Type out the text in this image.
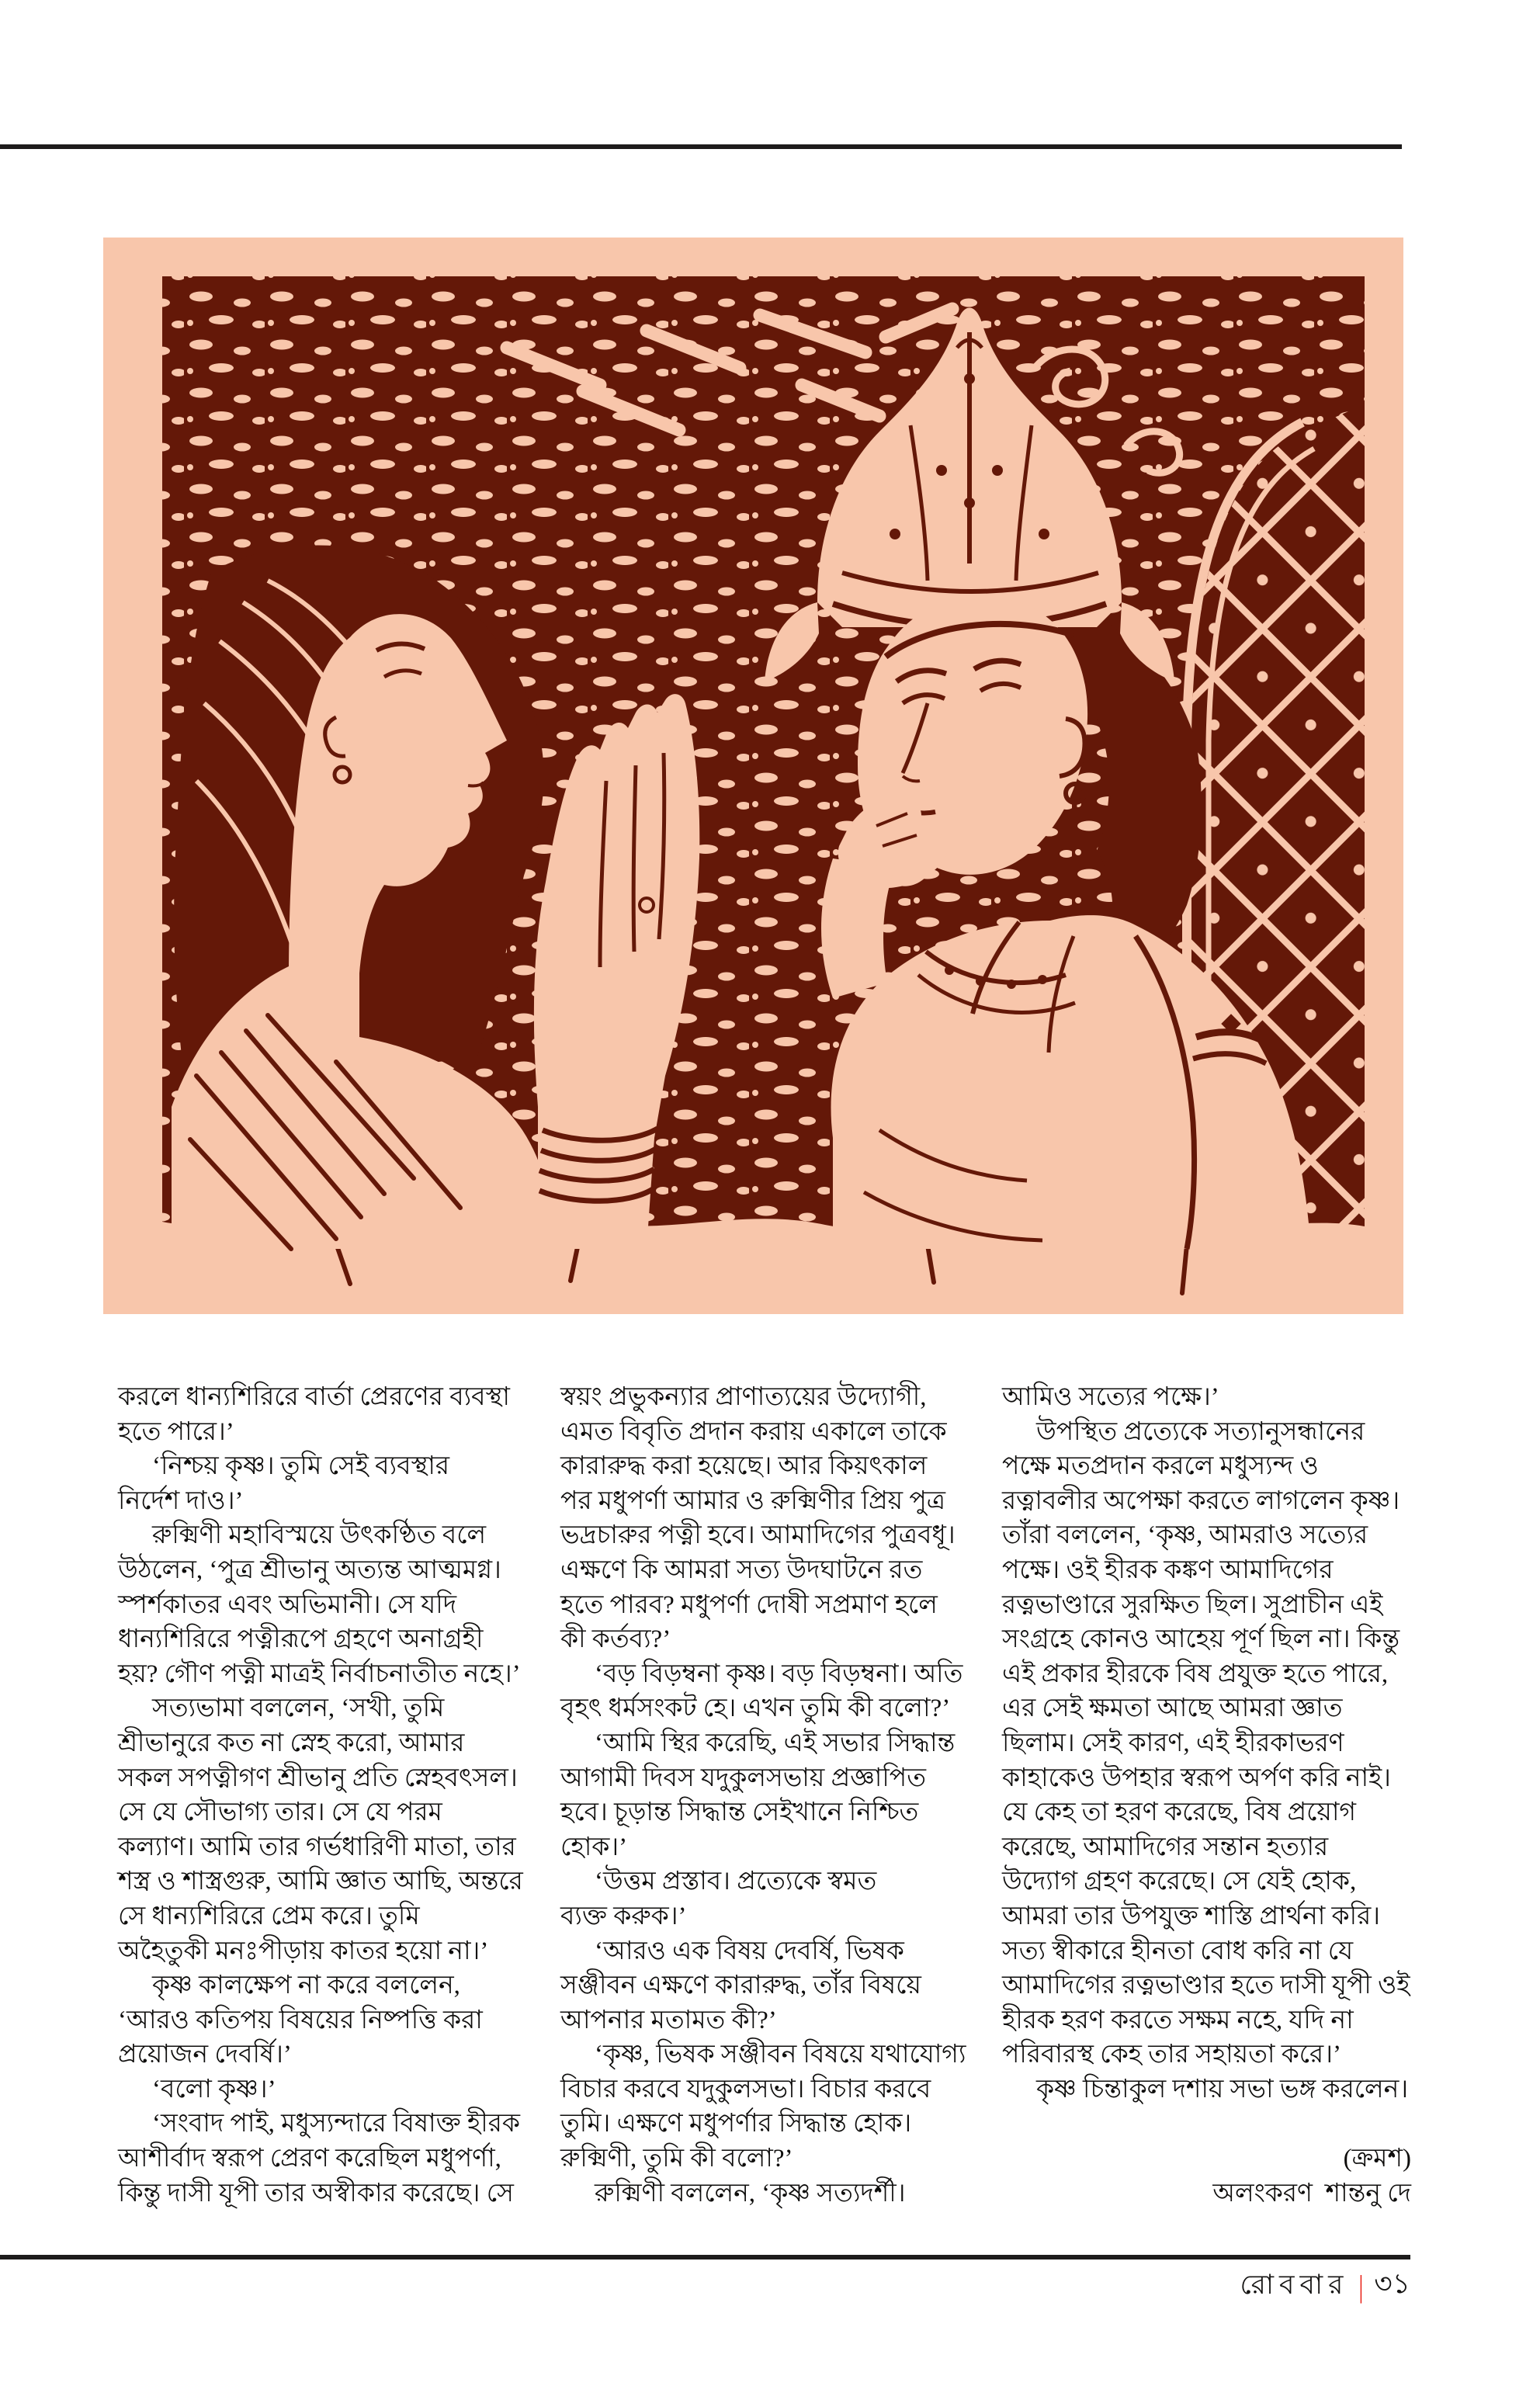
করলে ধান্যশিরিরে বার্তা প্রেরণের ব্যবস্থা
হতে পারে।’
‘নিশ্চয় কৃষ্ণ। তুমি সেই ব্যবস্থার
নির্দেশ দাও।’
রুক্মিণী মহাবিস্ময়ে উৎকণ্ঠিত বলে
উঠলেন, ‘পুত্র শ্রীভানু অত্যন্ত আত্মমগ্ন।
স্পর্শকাতর এবং অভিমানী। সে যদি
ধান্যশিরিরে পত্নীরূপে গ্রহণে অনাগ্রহী
হয়? গৌণ পত্নী মাত্রই নির্বাচনাতীত নহে।’
সত্যভামা বললেন, ‘সখী, তুমি
শ্রীভানুরে কত না স্নেহ করো, আমার
সকল সপত্নীগণ শ্রীভানু প্রতি স্নেহবৎসল।
সে যে সৌভাগ্য তার। সে যে পরম
কল্যাণ। আমি তার গর্ভধারিণী মাতা, তার
শস্ত্র ও শাস্ত্রগুরু, আমি জ্ঞাত আছি, অন্তরে
সে ধান্যশিরিরে প্রেম করে। তুমি
অহৈতুকী মনঃপীড়ায় কাতর হয়ো না।’
কৃষ্ণ কালক্ষেপ না করে বললেন,
‘আরও কতিপয় বিষয়ের নিষ্পত্তি করা
প্রয়োজন দেবর্ষি।’
‘বলো কৃষ্ণ।’
‘সংবাদ পাই, মধুস্যন্দারে বিষাক্ত হীরক
আশীর্বাদ স্বরূপ প্রেরণ করেছিল মধুপর্ণা,
কিন্তু দাসী যূপী তার অস্বীকার করেছে। সে
স্বয়ং প্রভুকন্যার প্রাণাত্যয়ের উদ্যোগী,
এমত বিবৃতি প্রদান করায় একালে তাকে
কারারুদ্ধ করা হয়েছে। আর কিয়ৎকাল
পর মধুপর্ণা আমার ও রুক্মিণীর প্রিয় পুত্র
ভদ্রচারুর পত্নী হবে। আমাদিগের পুত্রবধূ।
এক্ষণে কি আমরা সত্য উদঘাটনে রত
হতে পারব? মধুপর্ণা দোষী সপ্রমাণ হলে
কী কর্তব্য?’
‘বড় বিড়ম্বনা কৃষ্ণ। বড় বিড়ম্বনা। অতি
বৃহৎ ধর্মসংকট হে। এখন তুমি কী বলো?’
‘আমি স্থির করেছি, এই সভার সিদ্ধান্ত
আগামী দিবস যদুকুলসভায় প্রজ্ঞাপিত
হবে। চূড়ান্ত সিদ্ধান্ত সেইখানে নিশ্চিত
হোক।’
‘উত্তম প্রস্তাব। প্রত্যেকে স্বমত
ব্যক্ত করুক।’
‘আরও এক বিষয় দেবর্ষি, ভিষক
সঞ্জীবন এক্ষণে কারারুদ্ধ, তাঁর বিষয়ে
আপনার মতামত কী?’
‘কৃষ্ণ, ভিষক সঞ্জীবন বিষয়ে যথাযোগ্য
বিচার করবে যদুকুলসভা। বিচার করবে
তুমি। এক্ষণে মধুপর্ণার সিদ্ধান্ত হোক।
রুক্মিণী, তুমি কী বলো?’
রুক্মিণী বললেন, ‘কৃষ্ণ সত্যদর্শী।
আমিও সত্যের পক্ষে।’
উপস্থিত প্রত্যেকে সত্যানুসন্ধানের
পক্ষে মতপ্রদান করলে মধুস্যন্দ ও
রত্নাবলীর অপেক্ষা করতে লাগলেন কৃষ্ণ।
তাঁরা বললেন, ‘কৃষ্ণ, আমরাও সত্যের
পক্ষে। ওই হীরক কঙ্কণ আমাদিগের
রত্নভাণ্ডারে সুরক্ষিত ছিল। সুপ্রাচীন এই
সংগ্রহে কোনও আহেয় পূর্ণ ছিল না। কিন্তু
এই প্রকার হীরকে বিষ প্রযুক্ত হতে পারে,
এর সেই ক্ষমতা আছে আমরা জ্ঞাত
ছিলাম। সেই কারণ, এই হীরকাভরণ
কাহাকেও উপহার স্বরূপ অর্পণ করি নাই।
যে কেহ তা হরণ করেছে, বিষ প্রয়োগ
করেছে, আমাদিগের সন্তান হত্যার
উদ্যোগ গ্রহণ করেছে। সে যেই হোক,
আমরা তার উপযুক্ত শাস্তি প্রার্থনা করি।
সত্য স্বীকারে হীনতা বোধ করি না যে
আমাদিগের রত্নভাণ্ডার হতে দাসী যূপী ওই
হীরক হরণ করতে সক্ষম নহে, যদি না
পরিবারস্থ কেহ তার সহায়তা করে।’
কৃষ্ণ চিন্তাকুল দশায় সভা ভঙ্গ করলেন।
(ক্রমশ)
অলংকরণ  শান্তনু দে
রোববার | ৩১
